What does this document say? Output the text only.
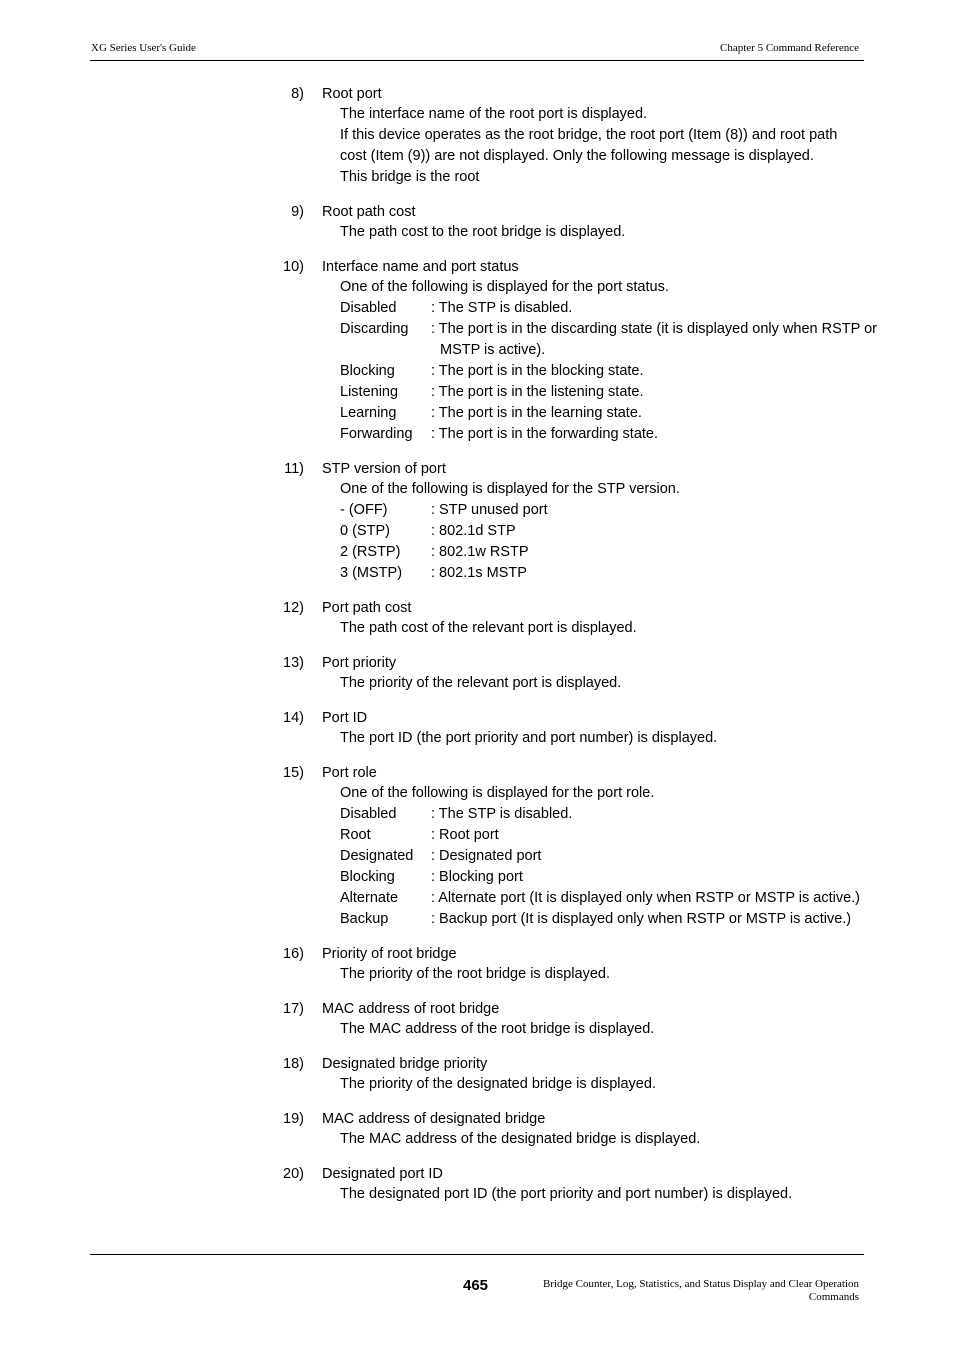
XG Series User's Guide	Chapter 5 Command Reference
8) Root port
The interface name of the root port is displayed.
If this device operates as the root bridge, the root port (Item (8)) and root path
cost (Item (9)) are not displayed. Only the following message is displayed.
This bridge is the root
9) Root path cost
The path cost to the root bridge is displayed.
10) Interface name and port status
One of the following is displayed for the port status.
Disabled : The STP is disabled.
Discarding : The port is in the discarding state (it is displayed only when RSTP or MSTP is active).
Blocking : The port is in the blocking state.
Listening : The port is in the listening state.
Learning : The port is in the learning state.
Forwarding : The port is in the forwarding state.
11) STP version of port
One of the following is displayed for the STP version.
- (OFF)	: STP unused port
0 (STP)	: 802.1d STP
2 (RSTP) : 802.1w RSTP
3 (MSTP) : 802.1s MSTP
12) Port path cost
The path cost of the relevant port is displayed.
13) Port priority
The priority of the relevant port is displayed.
14) Port ID
The port ID (the port priority and port number) is displayed.
15) Port role
One of the following is displayed for the port role.
Disabled : The STP is disabled.
Root	: Root port
Designated : Designated port
Blocking : Blocking port
Alternate : Alternate port (It is displayed only when RSTP or MSTP is active.)
Backup	: Backup port (It is displayed only when RSTP or MSTP is active.)
16) Priority of root bridge
The priority of the root bridge is displayed.
17) MAC address of root bridge
The MAC address of the root bridge is displayed.
18) Designated bridge priority
The priority of the designated bridge is displayed.
19) MAC address of designated bridge
The MAC address of the designated bridge is displayed.
20) Designated port ID
The designated port ID (the port priority and port number) is displayed.
465	Bridge Counter, Log, Statistics, and Status Display and Clear Operation
Commands
